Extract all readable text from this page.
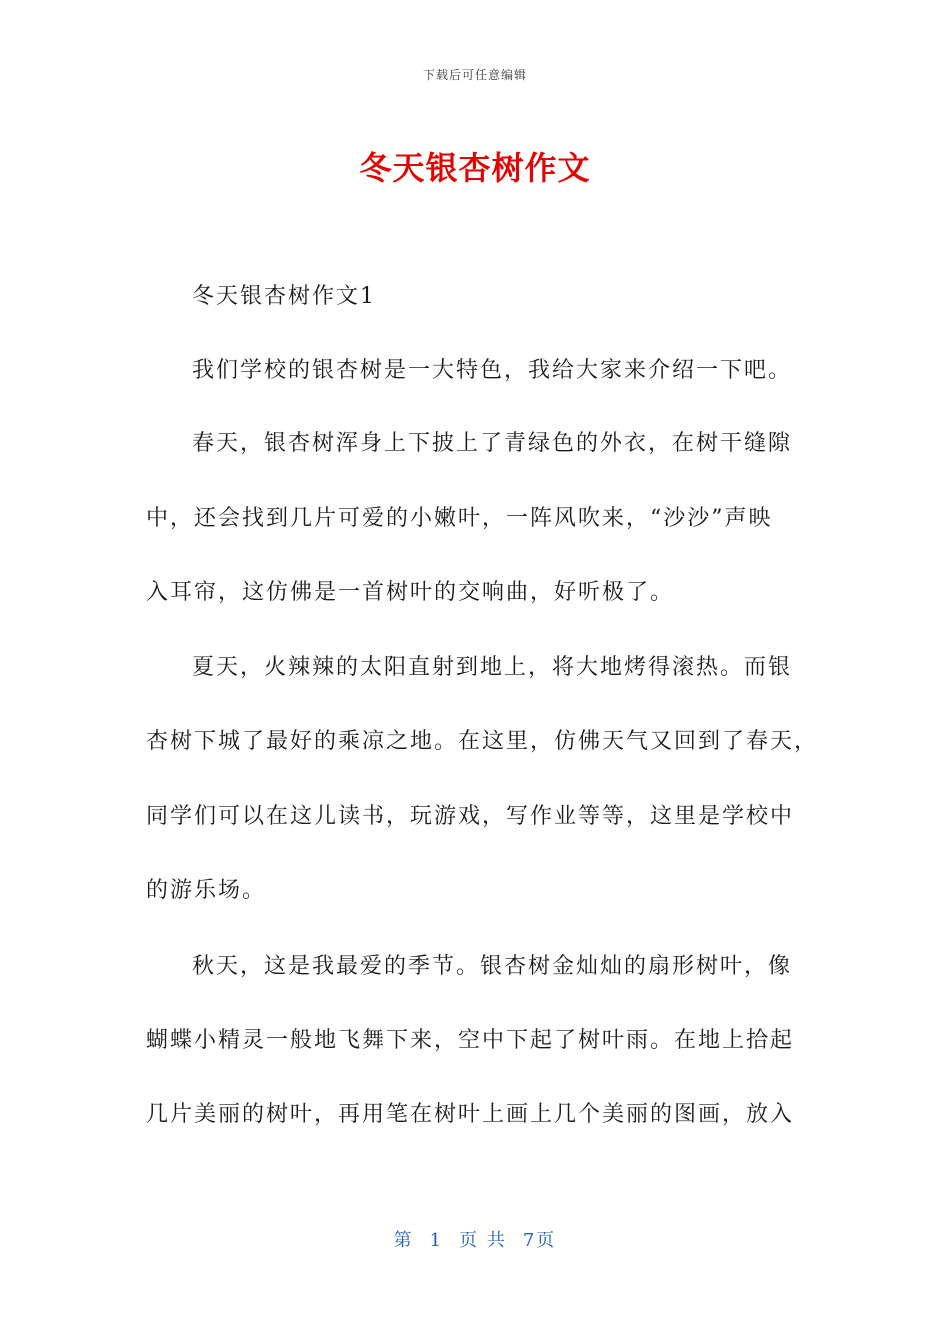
下载后可任意编辑
冬天银杏树作文
冬天银杏树作文1
我们学校的银杏树是一大特色，我给大家来介绍一下吧。
春天，银杏树浑身上下披上了青绿色的外衣，在树干缝隙
中，还会找到几片可爱的小嫩叶，一阵风吹来，“沙沙”声映
入耳帘，这仿佛是一首树叶的交响曲，好听极了。
夏天，火辣辣的太阳直射到地上，将大地烤得滚热。而银
杏树下城了最好的乘凉之地。在这里，仿佛天气又回到了春天，
同学们可以在这儿读书，玩游戏，写作业等等，这里是学校中
的游乐场。
秋天，这是我最爱的季节。银杏树金灿灿的扇形树叶，像
蝴蝶小精灵一般地飞舞下来，空中下起了树叶雨。在地上拾起
几片美丽的树叶，再用笔在树叶上画上几个美丽的图画，放入
第 1 页 共 7页
